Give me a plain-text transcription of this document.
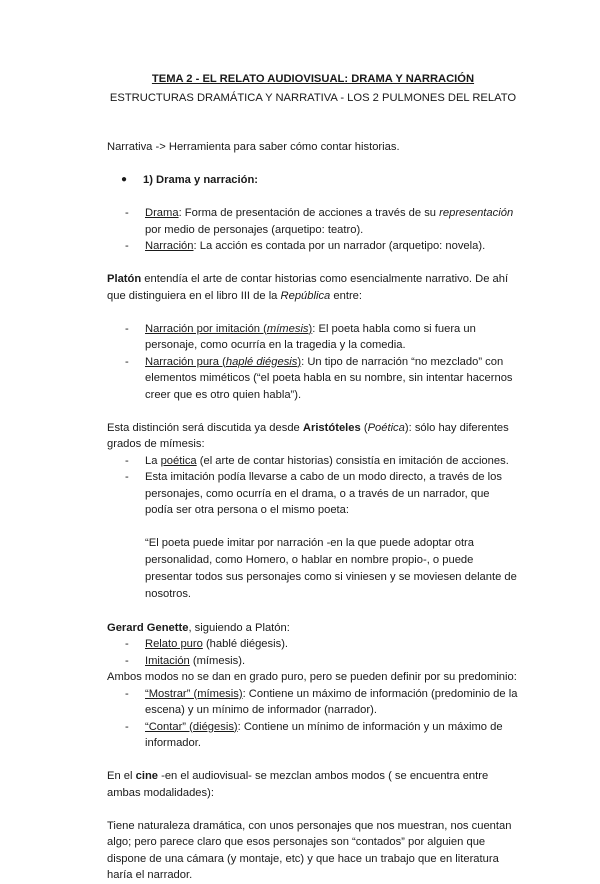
TEMA 2 - EL RELATO AUDIOVISUAL: DRAMA Y NARRACIÓN

ESTRUCTURAS DRAMÁTICA Y NARRATIVA - LOS 2 PULMONES DEL RELATO

Narrativa -> Herramienta para saber cómo contar historias.

● 1) Drama y narración:

- Drama: Forma de presentación de acciones a través de su representación por medio de personajes (arquetipo: teatro).
- Narración: La acción es contada por un narrador (arquetipo: novela).

Platón entendía el arte de contar historias como esencialmente narrativo. De ahí que distinguiera en el libro III de la República entre:

- Narración por imitación (mímesis): El poeta habla como si fuera un personaje, como ocurría en la tragedia y la comedia.
- Narración pura (haplé diégesis): Un tipo de narración “no mezclado” con elementos miméticos (“el poeta habla en su nombre, sin intentar hacernos creer que es otro quien habla”).

Esta distinción será discutida ya desde Aristóteles (Poética): sólo hay diferentes grados de mímesis:

- La poética (el arte de contar historias) consistía en imitación de acciones.
- Esta imitación podía llevarse a cabo de un modo directo, a través de los personajes, como ocurría en el drama, o a través de un narrador, que podía ser otra persona o el mismo poeta:

“El poeta puede imitar por narración -en la que puede adoptar otra personalidad, como Homero, o hablar en nombre propio-, o puede presentar todos sus personajes como si viniesen y se moviesen delante de nosotros.

Gerard Genette, siguiendo a Platón:

- Relato puro (hablé diégesis).
- Imitación (mímesis).

Ambos modos no se dan en grado puro, pero se pueden definir por su predominio:

- “Mostrar” (mímesis): Contiene un máximo de información (predominio de la escena) y un mínimo de informador (narrador).
- “Contar” (diégesis): Contiene un mínimo de información y un máximo de informador.

En el cine -en el audiovisual- se mezclan ambos modos ( se encuentra entre ambas modalidades):

Tiene naturaleza dramática, con unos personajes que nos muestran, nos cuentan algo; pero parece claro que esos personajes son “contados” por alguien que dispone de una cámara (y montaje, etc) y que hace un trabajo que en literatura haría el narrador.
